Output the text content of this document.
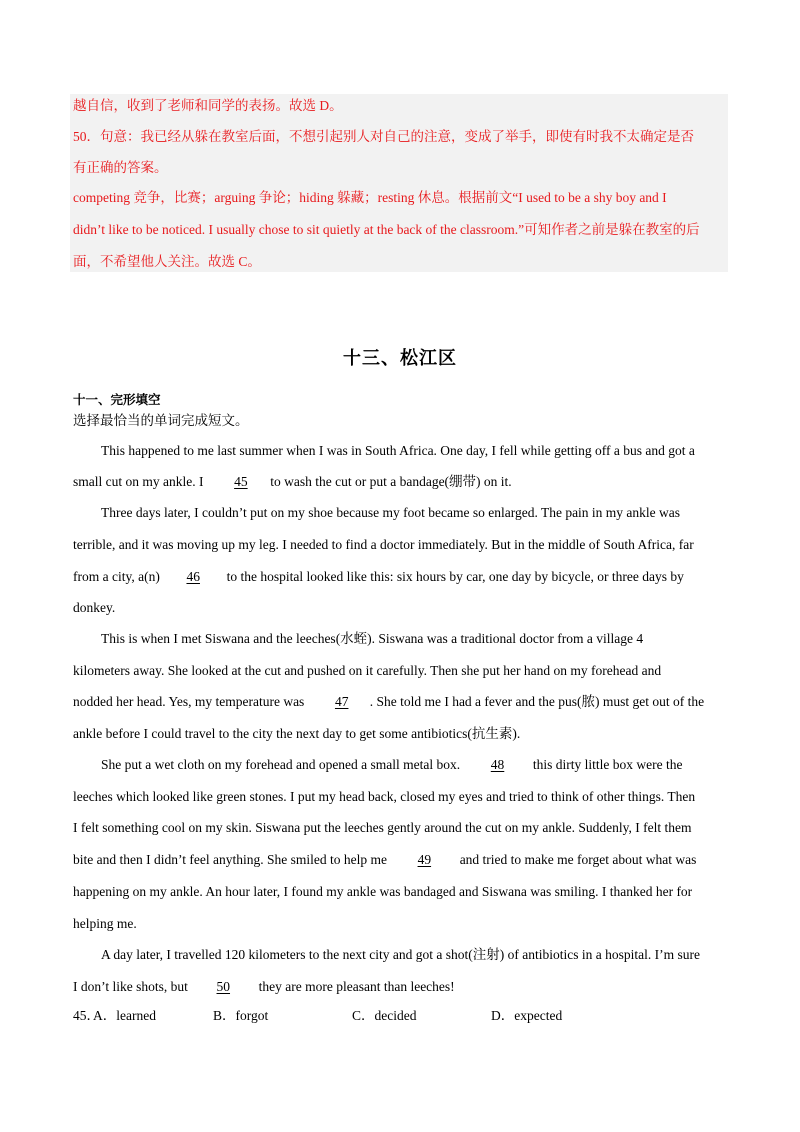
越自信，收到了老师和同学的表扬。故选 D。
50．句意：我已经从躲在教室后面，不想引起别人对自己的注意，变成了举手，即使有时我不太确定是否
有正确的答案。
competing 竞争，比赛；arguing 争论；hiding 躲藏；resting 休息。根据前文“I used to be a shy boy and I
didn’t like to be noticed. I usually chose to sit quietly at the back of the classroom.”可知作者之前是躲在教室的后
面，不希望他人关注。故选 C。
十三、松江区
十一、完形填空
选择最恰当的单词完成短文。
This happened to me last summer when I was in South Africa. One day, I fell while getting off a bus and got a
small cut on my ankle. I 45 to wash the cut or put a bandage(绷带) on it.
Three days later, I couldn’t put on my shoe because my foot became so enlarged. The pain in my ankle was
terrible, and it was moving up my leg. I needed to find a doctor immediately. But in the middle of South Africa, far
from a city, a(n) 46 to the hospital looked like this: six hours by car, one day by bicycle, or three days by
donkey.
This is when I met Siswana and the leeches(水蛭). Siswana was a traditional doctor from a village 4
kilometers away. She looked at the cut and pushed on it carefully. Then she put her hand on my forehead and
nodded her head. Yes, my temperature was 47 . She told me I had a fever and the pus(脓) must get out of the
ankle before I could travel to the city the next day to get some antibiotics(抗生素).
She put a wet cloth on my forehead and opened a small metal box. 48 this dirty little box were the
leeches which looked like green stones. I put my head back, closed my eyes and tried to think of other things. Then
I felt something cool on my skin. Siswana put the leeches gently around the cut on my ankle. Suddenly, I felt them
bite and then I didn’t feel anything. She smiled to help me 49 and tried to make me forget about what was
happening on my ankle. An hour later, I found my ankle was bandaged and Siswana was smiling. I thanked her for
helping me.
A day later, I travelled 120 kilometers to the next city and got a shot(注射) of antibiotics in a hospital. I’m sure
I don’t like shots, but 50 they are more pleasant than leeches!
45．
A．learned	B．forgot	C．decided	D．expected
